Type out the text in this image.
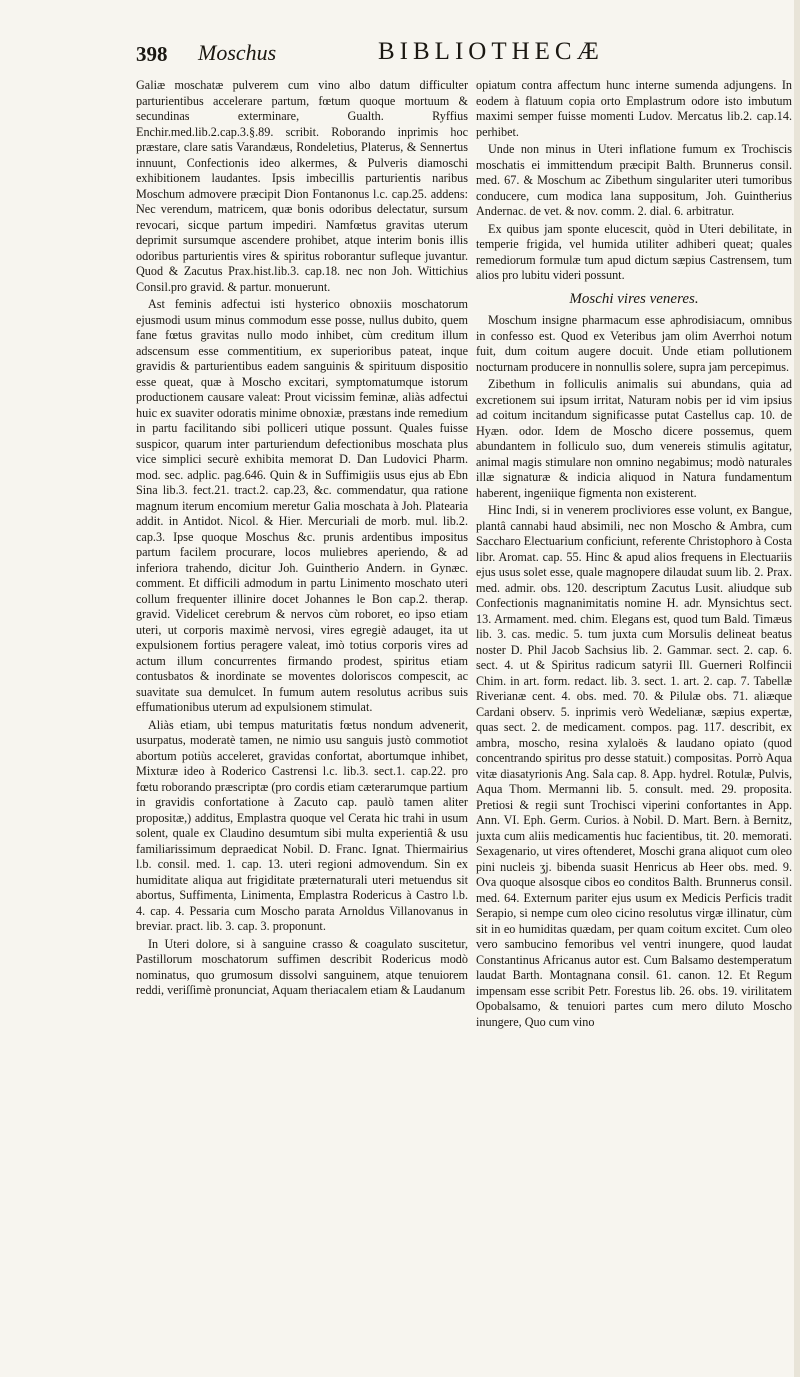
398 Moschus	BIBLIOTHECÆ

Galiæ moschatæ pulverem cum vino albo datum difficulter parturientibus accelerare partum, fœtum quoque mortuum & secundinas exterminare, Gualth. Ryffius Enchir.med.lib.2.cap.3.§.89. scribit. Roborando inprimis hoc præstare, clare satis Varandæus, Rondeletius, Platerus, & Sennertus innuunt, Confectionis ideo alkermes, & Pulveris diamoschi exhibitionem laudantes. Ipsis imbecillis parturientis naribus Moschum admovere præcipit Dion Fontanonus l.c. cap.25. addens: Nec verendum, matricem, quæ bonis odoribus delectatur, sursum revocari, sicque partum impediri. Namfœtus gravitas uterum deprimit sursumque ascendere prohibet, atque interim bonis illis odoribus parturientis vires & spiritus roborantur sufleque juvantur. Quod & Zacutus Prax.hist.lib.3. cap.18. nec non Joh. Wittichius Consil.pro gravid. & partur. monuerunt.

Ast feminis adfectui isti hysterico obnoxiis moschatorum ejusmodi usum minus commodum esse posse, nullus dubito, quem fane fœtus gravitas nullo modo inhibet, cùm creditum illum adscensum esse commentitium, ex superioribus pateat, inque gravidis & parturientibus eadem sanguinis & spirituum dispositio esse queat, quæ à Moscho excitari, symptomatumque istorum productionem causare valeat: Prout vicissim feminæ, aliàs adfectui huic ex suaviter odoratis minime obnoxiæ, præstans inde remedium in partu facilitando sibi polliceri utique possunt. Quales fuisse suspicor, quarum inter parturiendum defectionibus moschata plus vice simplici securè exhibita memorat D. Dan Ludovici Pharm. mod. sec. adplic. pag.646. Quin & in Suffimigiis usus ejus ab Ebn Sina lib.3. fect.21. tract.2. cap.23, &c. commendatur, qua ratione magnum iterum encomium meretur Galia moschata à Joh. Platearia addit. in Antidot. Nicol. & Hier. Mercuriali de morb. mul. lib.2. cap.3. Ipse quoque Moschus &c. prunis ardentibus impositus partum facilem procurare, locos muliebres aperiendo, & ad inferiora trahendo, dicitur Joh. Guintherio Andern. in Gynæc. comment. Et difficili admodum in partu Linimento moschato uteri collum frequenter illinire docet Johannes le Bon cap.2. therap. gravid. Videlicet cerebrum & nervos cùm roboret, eo ipso etiam uteri, ut corporis maximè nervosi, vires egregiè adauget, ita ut expulsionem fortius peragere valeat, imò totius corporis vires ad actum illum concurrentes firmando prodest, spiritus etiam contusbatos & inordinate se moventes doloriscos compescit, ac suavitate sua demulcet. In fumum autem resolutus acribus suis effumationibus uterum ad expulsionem stimulat.

Aliàs etiam, ubi tempus maturitatis fœtus nondum advenerit, usurpatus, moderatè tamen, ne nimio usu sanguis justò commotiot abortum potiùs acceleret, gravidas confortat, abortumque inhibet, Mixturæ ideo à Roderico Castrensi l.c. lib.3. sect.1. cap.22. pro fœtu roborando præscriptæ (pro cordis etiam cæterarumque partium in gravidis confortatione à Zacuto cap. paulò tamen aliter propositæ,) additus, Emplastra quoque vel Cerata hic trahi in usum solent, quale ex Claudino desumtum sibi multa experientiâ & usu familiarissimum depraedicat Nobil. D. Franc. Ignat. Thiermairius l.b. consil. med. 1. cap. 13. uteri regioni admovendum. Sin ex humiditate aliqua aut frigiditate præternaturali uteri metuendus sit abortus, Suffimenta, Linimenta, Emplastra Rodericus à Castro l.b. 4. cap. 4. Pessaria cum Moscho parata Arnoldus Villanovanus in breviar. pract. lib. 3. cap. 3. proponunt.

In Uteri dolore, si à sanguine crasso & coagulato suscitetur, Pastillorum moschatorum suffimen describit Rodericus modò nominatus, quo grumosum dissolvi sanguinem, atque tenuiorem reddi, veriſſimè pronunciat, Aquam theriacalem etiam & Laudanum

opiatum contra affectum hunc interne sumenda adjungens. In eodem à flatuum copia orto Emplastrum odore isto imbutum maximi semper fuisse momenti Ludov. Mercatus lib.2. cap.14. perhibet.

Unde non minus in Uteri inflatione fumum ex Trochiscis moschatis ei immittendum præcipit Balth. Brunnerus consil. med. 67. & Moschum ac Zibethum singulariter uteri tumoribus conducere, cum modica lana suppositum, Joh. Guintherius Andernac. de vet. & nov. comm. 2. dial. 6. arbitratur.

Ex quibus jam sponte elucescit, quòd in Uteri debilitate, in temperie frigida, vel humida utiliter adhiberi queat; quales remediorum formulæ tum apud dictum sæpius Castrensem, tum alios pro lubitu videri possunt.

Moschi vires veneres.

Moschum insigne pharmacum esse aphrodisiacum, omnibus in confesso est. Quod ex Veteribus jam olim Averrhoi notum fuit, dum coitum augere docuit. Unde etiam pollutionem nocturnam producere in nonnullis solere, supra jam percepimus.

Zibethum in folliculis animalis sui abundans, quia ad excretionem sui ipsum irritat, Naturam nobis per id vim ipsius ad coitum incitandum significasse putat Castellus cap. 10. de Hyæn. odor. Idem de Moscho dicere possemus, quem abundantem in folliculo suo, dum venereis stimulis agitatur, animal magis stimulare non omnino negabimus; modò naturales illæ signaturæ & indicia aliquod in Natura fundamentum haberent, ingeniique figmenta non existerent.

Hinc Indi, si in venerem procliviores esse volunt, ex Bangue, plantâ cannabi haud absimili, nec non Moscho & Ambra, cum Saccharo Electuarium conficiunt, referente Christophoro à Costa libr. Aromat. cap. 55. Hinc & apud alios frequens in Electuariis ejus usus solet esse, quale magnopere dilaudat suum lib. 2. Prax. med. admir. obs. 120. descriptum Zacutus Lusit. aliudque sub Confectionis magnanimitatis nomine H. adr. Mynsichtus sect. 13. Armament. med. chim. Elegans est, quod tum Bald. Timæus lib. 3. cas. medic. 5. tum juxta cum Morsulis delineat beatus noster D. Phil Jacob Sachsius lib. 2. Gammar. sect. 2. cap. 6. sect. 4. ut & Spiritus radicum satyrii Ill. Guerneri Rolfincii Chim. in art. form. redact. lib. 3. sect. 1. art. 2. cap. 7. Tabellæ Riverianæ cent. 4. obs. med. 70. & Pilulæ obs. 71. aliæque Cardani observ. 5. inprimis verò Wedelianæ, sæpius expertæ, quas sect. 2. de medicament. compos. pag. 117. describit, ex ambra, moscho, resina xylaloës & laudano opiato (quod concentrando spiritus pro desse statuit.) compositas. Porrò Aqua vitæ diasatyrionis Ang. Sala cap. 8. App. hydrel. Rotulæ, Pulvis, Aqua Thom. Mermanni lib. 5. consult. med. 29. proposita. Pretiosi & regii sunt Trochisci viperini confortantes in App. Ann. VI. Eph. Germ. Curios. à Nobil. D. Mart. Bern. à Bernitz, juxta cum aliis medicamentis huc facientibus, tit. 20. memorati. Sexagenario, ut vires oftenderet, Moschi grana aliquot cum oleo pini nucleis ʒj. bibenda suasit Henricus ab Heer obs. med. 9. Ova quoque alsosque cibos eo conditos Balth. Brunnerus consil. med. 64. Externum pariter ejus usum ex Medicis Perficis tradit Serapio, si nempe cum oleo cicino resolutus virgæ illinatur, cùm sit in eo humiditas quædam, per quam coitum excitet. Cum oleo vero sambucino femoribus vel ventri inungere, quod laudat Constantinus Africanus autor est. Cum Balsamo destemperatum laudat Barth. Montagnana consil. 61. canon. 12. Et Regum impensam esse scribit Petr. Forestus lib. 26. obs. 19. virilitatem Opobalsamo, & tenuiori partes cum mero diluto Moscho inungere, Quo cum vino
